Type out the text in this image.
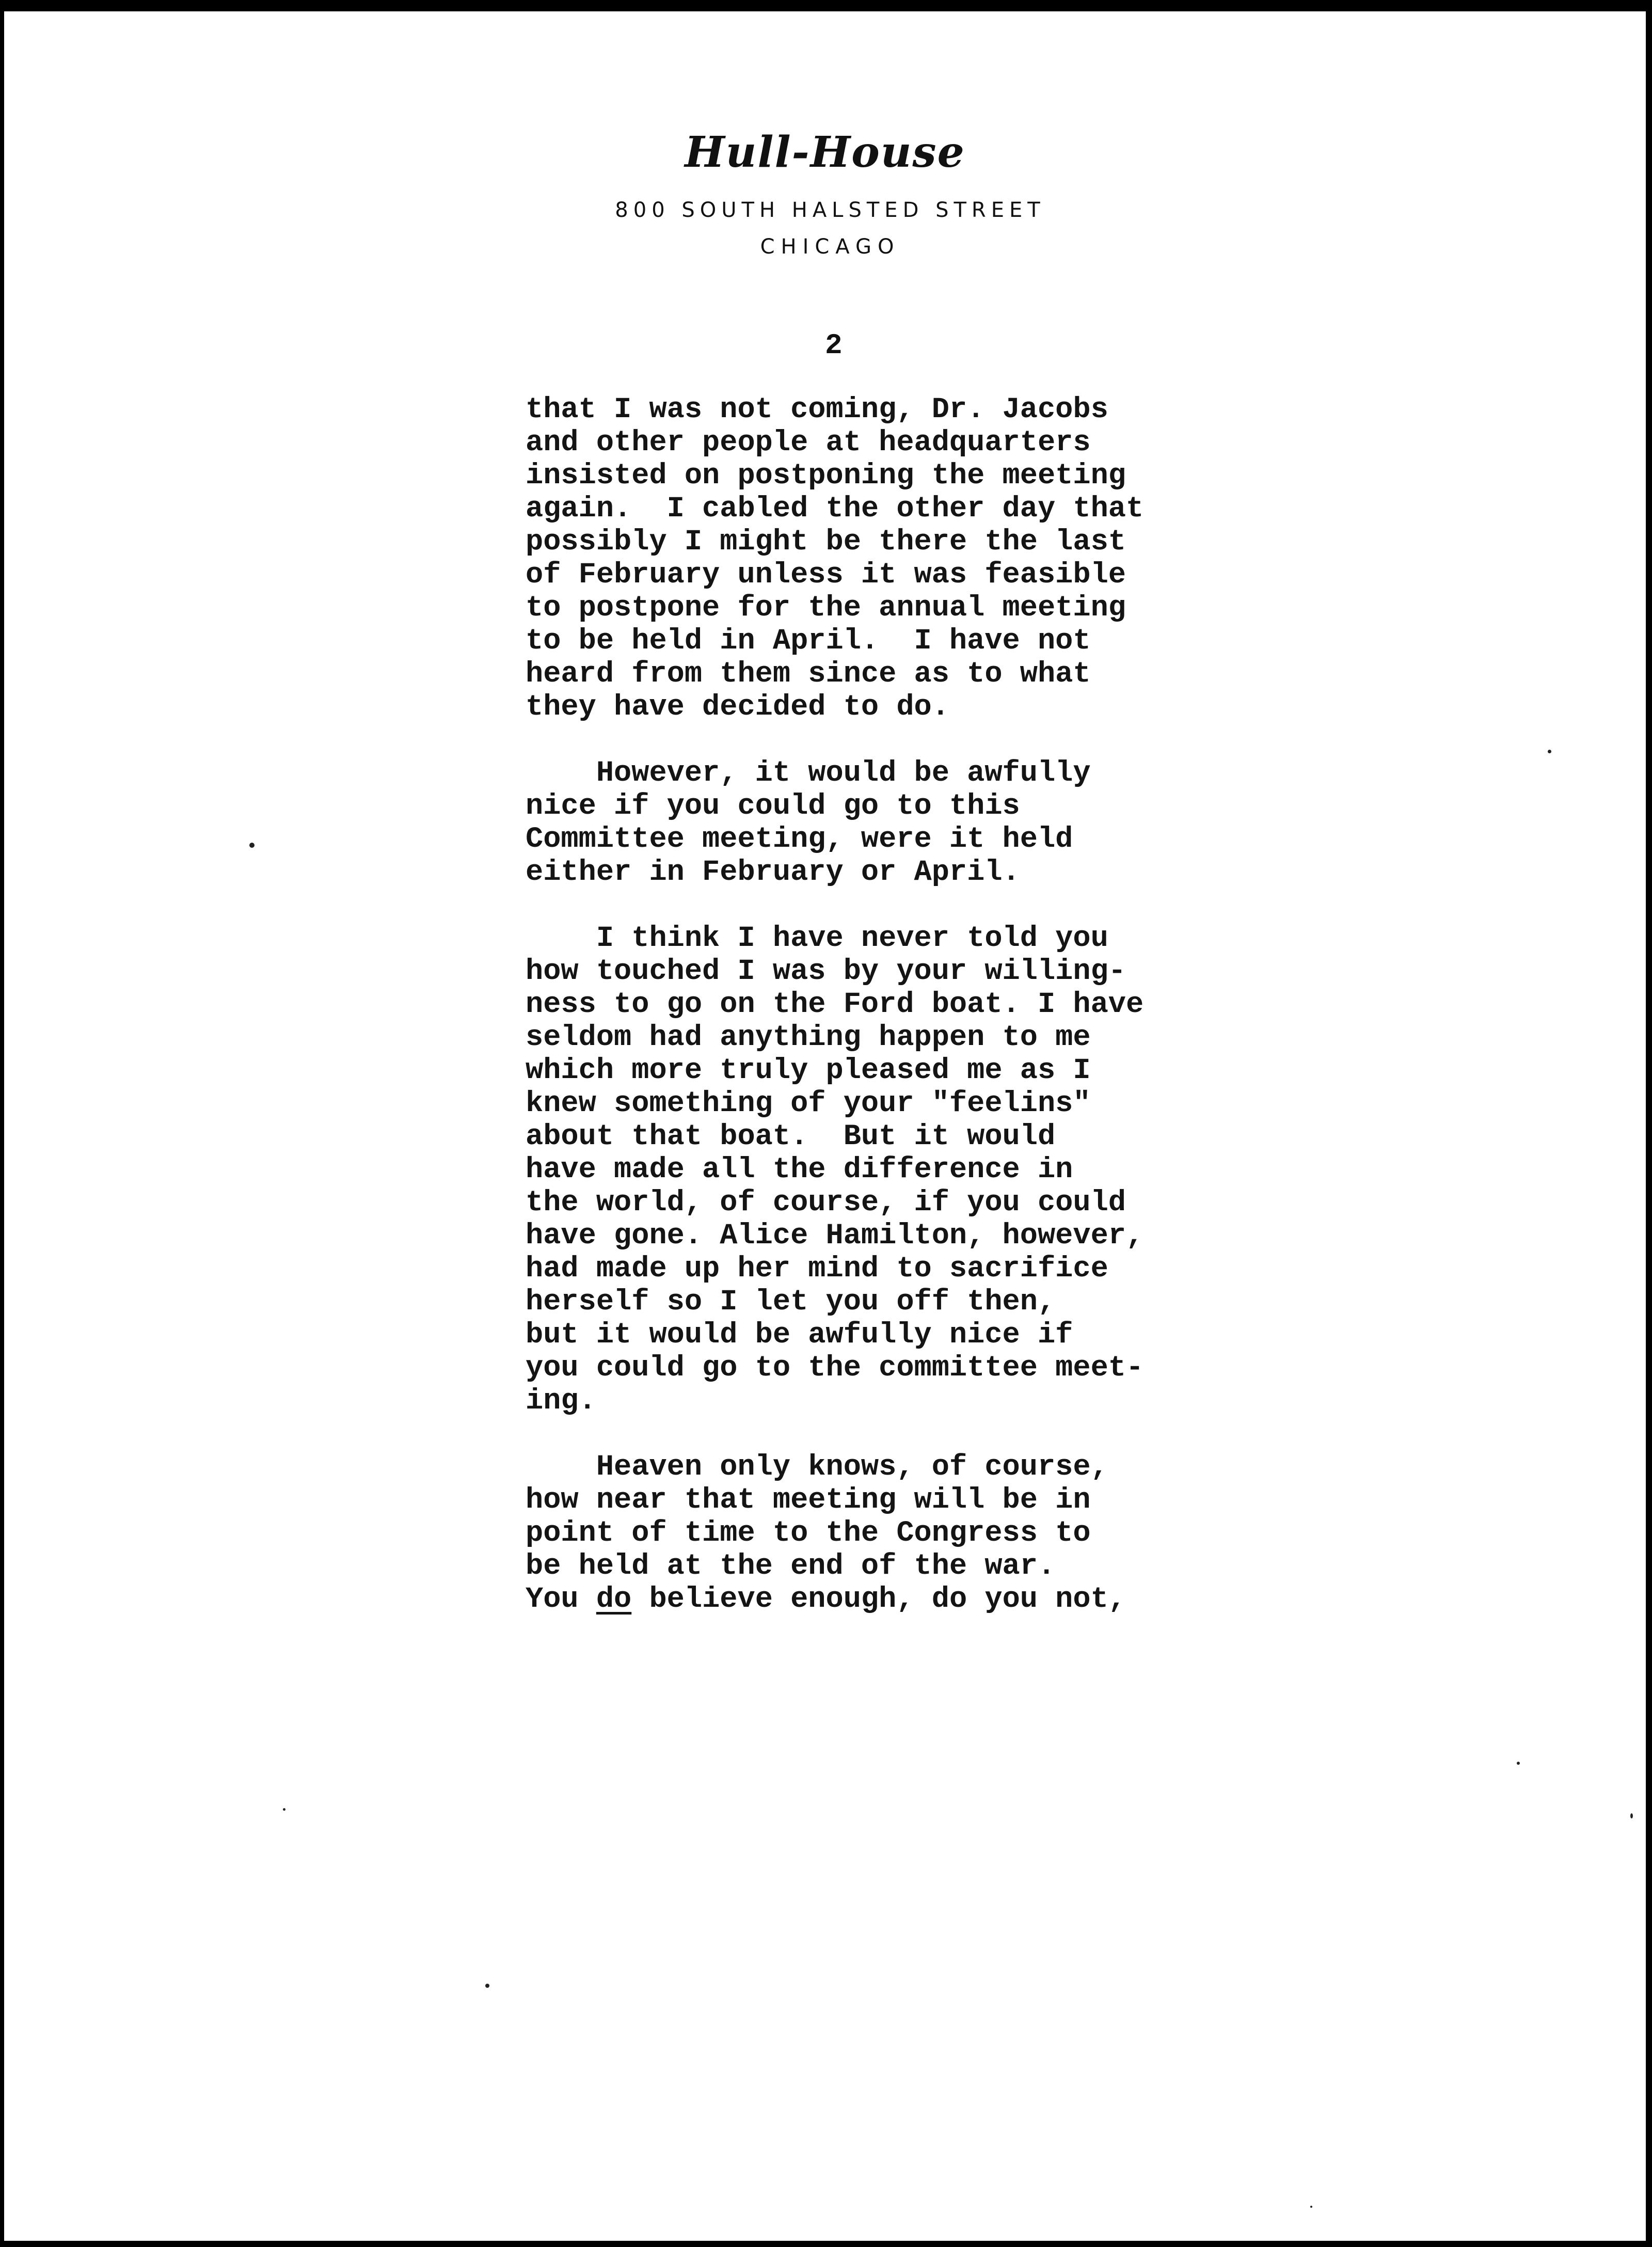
Hull-House
800 SOUTH HALSTED STREET
CHICAGO
2

that I was not coming, Dr. Jacobs
and other people at headquarters
insisted on postponing the meeting
again.  I cabled the other day that
possibly I might be there the last
of February unless it was feasible
to postpone for the annual meeting
to be held in April.  I have not
heard from them since as to what
they have decided to do.

However, it would be awfully
nice if you could go to this
Committee meeting, were it held
either in February or April.

I think I have never told you
how touched I was by your willing-
ness to go on the Ford boat. I have
seldom had anything happen to me
which more truly pleased me as I
knew something of your "feelins"
about that boat.  But it would
have made all the difference in
the world, of course, if you could
have gone. Alice Hamilton, however,
had made up her mind to sacrifice
herself so I let you off then,
but it would be awfully nice if
you could go to the committee meet-
ing.

Heaven only knows, of course,
how near that meeting will be in
point of time to the Congress to
be held at the end of the war.
You do believe enough, do you not,
